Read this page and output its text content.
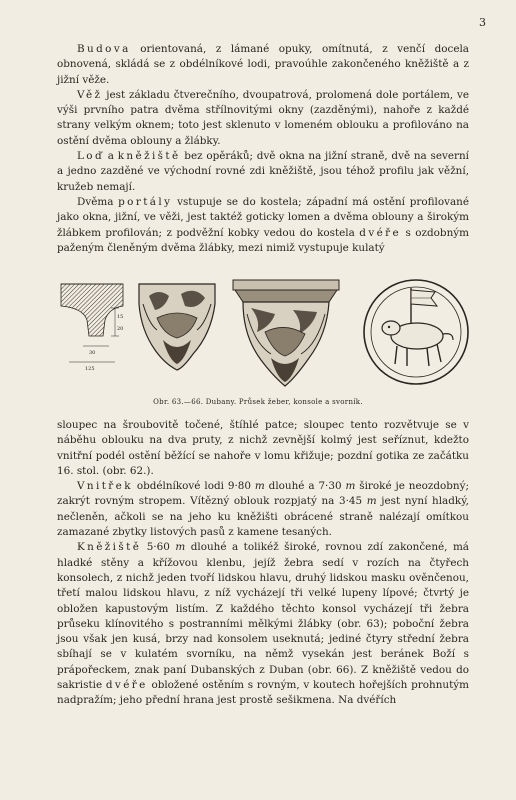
3

Budova orientovaná, z lámané opuky, omítnutá, z venčí docela obnovená, skládá se z obdélníkové lodi, pravoúhle zakončeného kněžiště a z jižní věže.

Věž jest základu čtverečního, dvoupatrová, prolomená dole portálem, ve výši prvního patra dvěma střílnovitými okny (zazděnými), nahoře z každé strany velkým oknem; toto jest sklenuto v lomeném oblouku a profilováno na ostění dvěma oblouny a žlábky.

Loď a kněžiště bez opěráků; dvě okna na jižní straně, dvě na severní a jedno zazděné ve východní rovné zdi kněžiště, jsou téhož profilu jak věžní, kružeb nemají.

Dvěma portály vstupuje se do kostela; západní má ostění profilované jako okna, jižní, ve věži, jest taktéž goticky lomen a dvěma oblouny a širokým žlábkem profilován; z podvěžní kobky vedou do kostela dvéře s ozdobným paženým členěným dvěma žlábky, mezi nimiž vystupuje kulatý

15
20
30
125
Obr. 63.—66. Dubany. Průsek žeber, konsole a svorník.

sloupec na šroubovitě točené, štíhlé patce; sloupec tento rozvětvuje se v náběhu oblouku na dva pruty, z nichž zevnější kolmý jest seříznut, kdežto vnitřní podél ostění běžící se nahoře v lomu křižuje; pozdní gotika ze začátku 16. stol. (obr. 62.).

Vnitřek obdélníkové lodi 9·80 m dlouhé a 7·30 m široké je neozdobný; zakrýt rovným stropem. Vítězný oblouk rozpjatý na 3·45 m jest nyní hladký, nečleněn, ačkoli se na jeho ku kněžišti obrácené straně nalézají omítkou zamazané zbytky listových pasů z kamene tesaných.

Kněžiště 5·60 m dlouhé a tolikéž široké, rovnou zdí zakončené, má hladké stěny a křížovou klenbu, jejíž žebra sedí v rozích na čtyřech konsolech, z nichž jeden tvoří lidskou hlavu, druhý lidskou masku ověnčenou, třetí malou lidskou hlavu, z níž vycházejí tři velké lupeny lípové; čtvrtý je obložen kapustovým listím. Z každého těchto konsol vycházejí tři žebra průseku klínovitého s postranními mělkými žlábky (obr. 63); poboční žebra jsou však jen kusá, brzy nad konsolem useknutá; jediné čtyry střední žebra sbíhají se v kulatém svorníku, na němž vysekán jest beránek Boží s prápořeckem, znak paní Dubanských z Duban (obr. 66). Z kněžiště vedou do sakristie dvéře obložené ostěním s rovným, v koutech hořejších prohnutým nadpražím; jeho přední hrana jest prostě sešikmena. Na dvéřích
